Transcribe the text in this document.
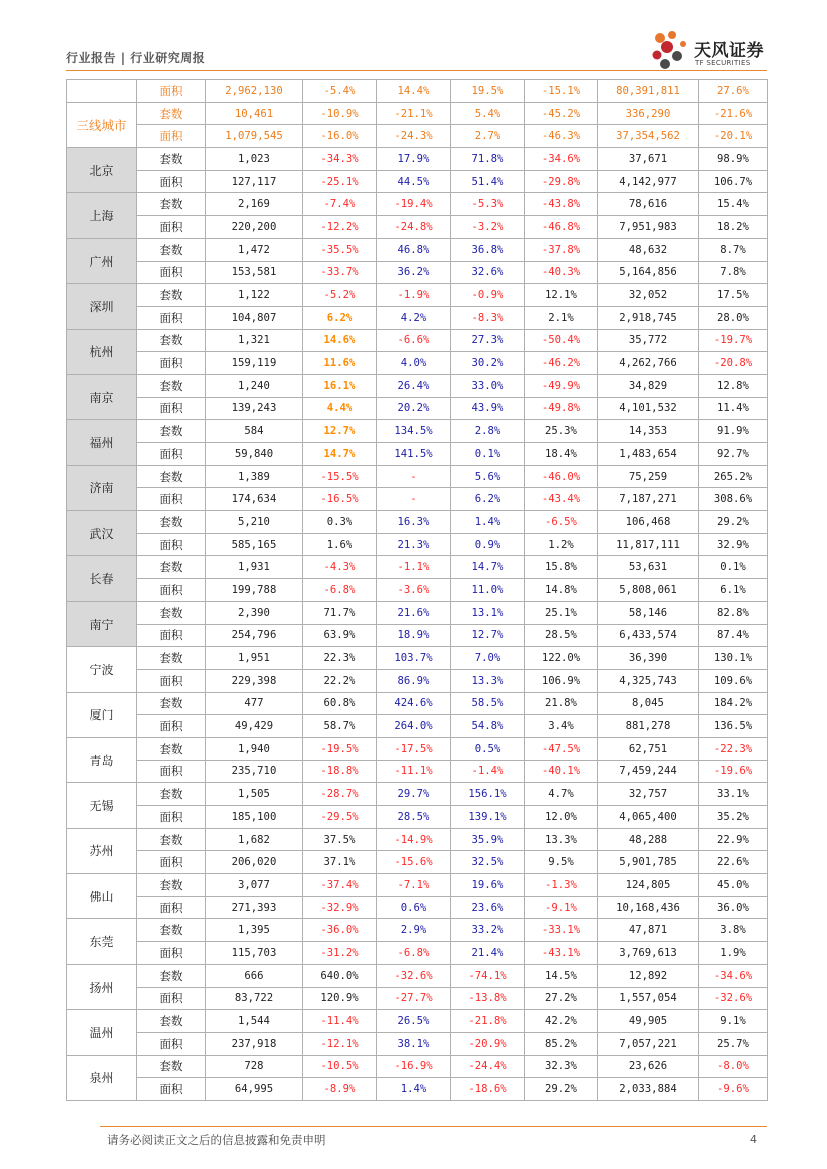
行业报告 | 行业研究周报	天风证券
TF SECURITIES
	面积	2,962,130	-5.4%	14.4%	19.5%	-15.1%	80,391,811	27.6%
三线城市	套数	10,461	-10.9%	-21.1%	5.4%	-45.2%	336,290	-21.6%
	面积	1,079,545	-16.0%	-24.3%	2.7%	-46.3%	37,354,562	-20.1%
北京	套数	1,023	-34.3%	17.9%	71.8%	-34.6%	37,671	98.9%
	面积	127,117	-25.1%	44.5%	51.4%	-29.8%	4,142,977	106.7%
上海	套数	2,169	-7.4%	-19.4%	-5.3%	-43.8%	78,616	15.4%
	面积	220,200	-12.2%	-24.8%	-3.2%	-46.8%	7,951,983	18.2%
广州	套数	1,472	-35.5%	46.8%	36.8%	-37.8%	48,632	8.7%
	面积	153,581	-33.7%	36.2%	32.6%	-40.3%	5,164,856	7.8%
深圳	套数	1,122	-5.2%	-1.9%	-0.9%	12.1%	32,052	17.5%
	面积	104,807	6.2%	4.2%	-8.3%	2.1%	2,918,745	28.0%
杭州	套数	1,321	14.6%	-6.6%	27.3%	-50.4%	35,772	-19.7%
	面积	159,119	11.6%	4.0%	30.2%	-46.2%	4,262,766	-20.8%
南京	套数	1,240	16.1%	26.4%	33.0%	-49.9%	34,829	12.8%
	面积	139,243	4.4%	20.2%	43.9%	-49.8%	4,101,532	11.4%
福州	套数	584	12.7%	134.5%	2.8%	25.3%	14,353	91.9%
	面积	59,840	14.7%	141.5%	0.1%	18.4%	1,483,654	92.7%
济南	套数	1,389	-15.5%	-	5.6%	-46.0%	75,259	265.2%
	面积	174,634	-16.5%	-	6.2%	-43.4%	7,187,271	308.6%
武汉	套数	5,210	0.3%	16.3%	1.4%	-6.5%	106,468	29.2%
	面积	585,165	1.6%	21.3%	0.9%	1.2%	11,817,111	32.9%
长春	套数	1,931	-4.3%	-1.1%	14.7%	15.8%	53,631	0.1%
	面积	199,788	-6.8%	-3.6%	11.0%	14.8%	5,808,061	6.1%
南宁	套数	2,390	71.7%	21.6%	13.1%	25.1%	58,146	82.8%
	面积	254,796	63.9%	18.9%	12.7%	28.5%	6,433,574	87.4%
宁波	套数	1,951	22.3%	103.7%	7.0%	122.0%	36,390	130.1%
	面积	229,398	22.2%	86.9%	13.3%	106.9%	4,325,743	109.6%
厦门	套数	477	60.8%	424.6%	58.5%	21.8%	8,045	184.2%
	面积	49,429	58.7%	264.0%	54.8%	3.4%	881,278	136.5%
青岛	套数	1,940	-19.5%	-17.5%	0.5%	-47.5%	62,751	-22.3%
	面积	235,710	-18.8%	-11.1%	-1.4%	-40.1%	7,459,244	-19.6%
无锡	套数	1,505	-28.7%	29.7%	156.1%	4.7%	32,757	33.1%
	面积	185,100	-29.5%	28.5%	139.1%	12.0%	4,065,400	35.2%
苏州	套数	1,682	37.5%	-14.9%	35.9%	13.3%	48,288	22.9%
	面积	206,020	37.1%	-15.6%	32.5%	9.5%	5,901,785	22.6%
佛山	套数	3,077	-37.4%	-7.1%	19.6%	-1.3%	124,805	45.0%
	面积	271,393	-32.9%	0.6%	23.6%	-9.1%	10,168,436	36.0%
东莞	套数	1,395	-36.0%	2.9%	33.2%	-33.1%	47,871	3.8%
	面积	115,703	-31.2%	-6.8%	21.4%	-43.1%	3,769,613	1.9%
扬州	套数	666	640.0%	-32.6%	-74.1%	14.5%	12,892	-34.6%
	面积	83,722	120.9%	-27.7%	-13.8%	27.2%	1,557,054	-32.6%
温州	套数	1,544	-11.4%	26.5%	-21.8%	42.2%	49,905	9.1%
	面积	237,918	-12.1%	38.1%	-20.9%	85.2%	7,057,221	25.7%
泉州	套数	728	-10.5%	-16.9%	-24.4%	32.3%	23,626	-8.0%
	面积	64,995	-8.9%	1.4%	-18.6%	29.2%	2,033,884	-9.6%
请务必阅读正文之后的信息披露和免责申明	4
